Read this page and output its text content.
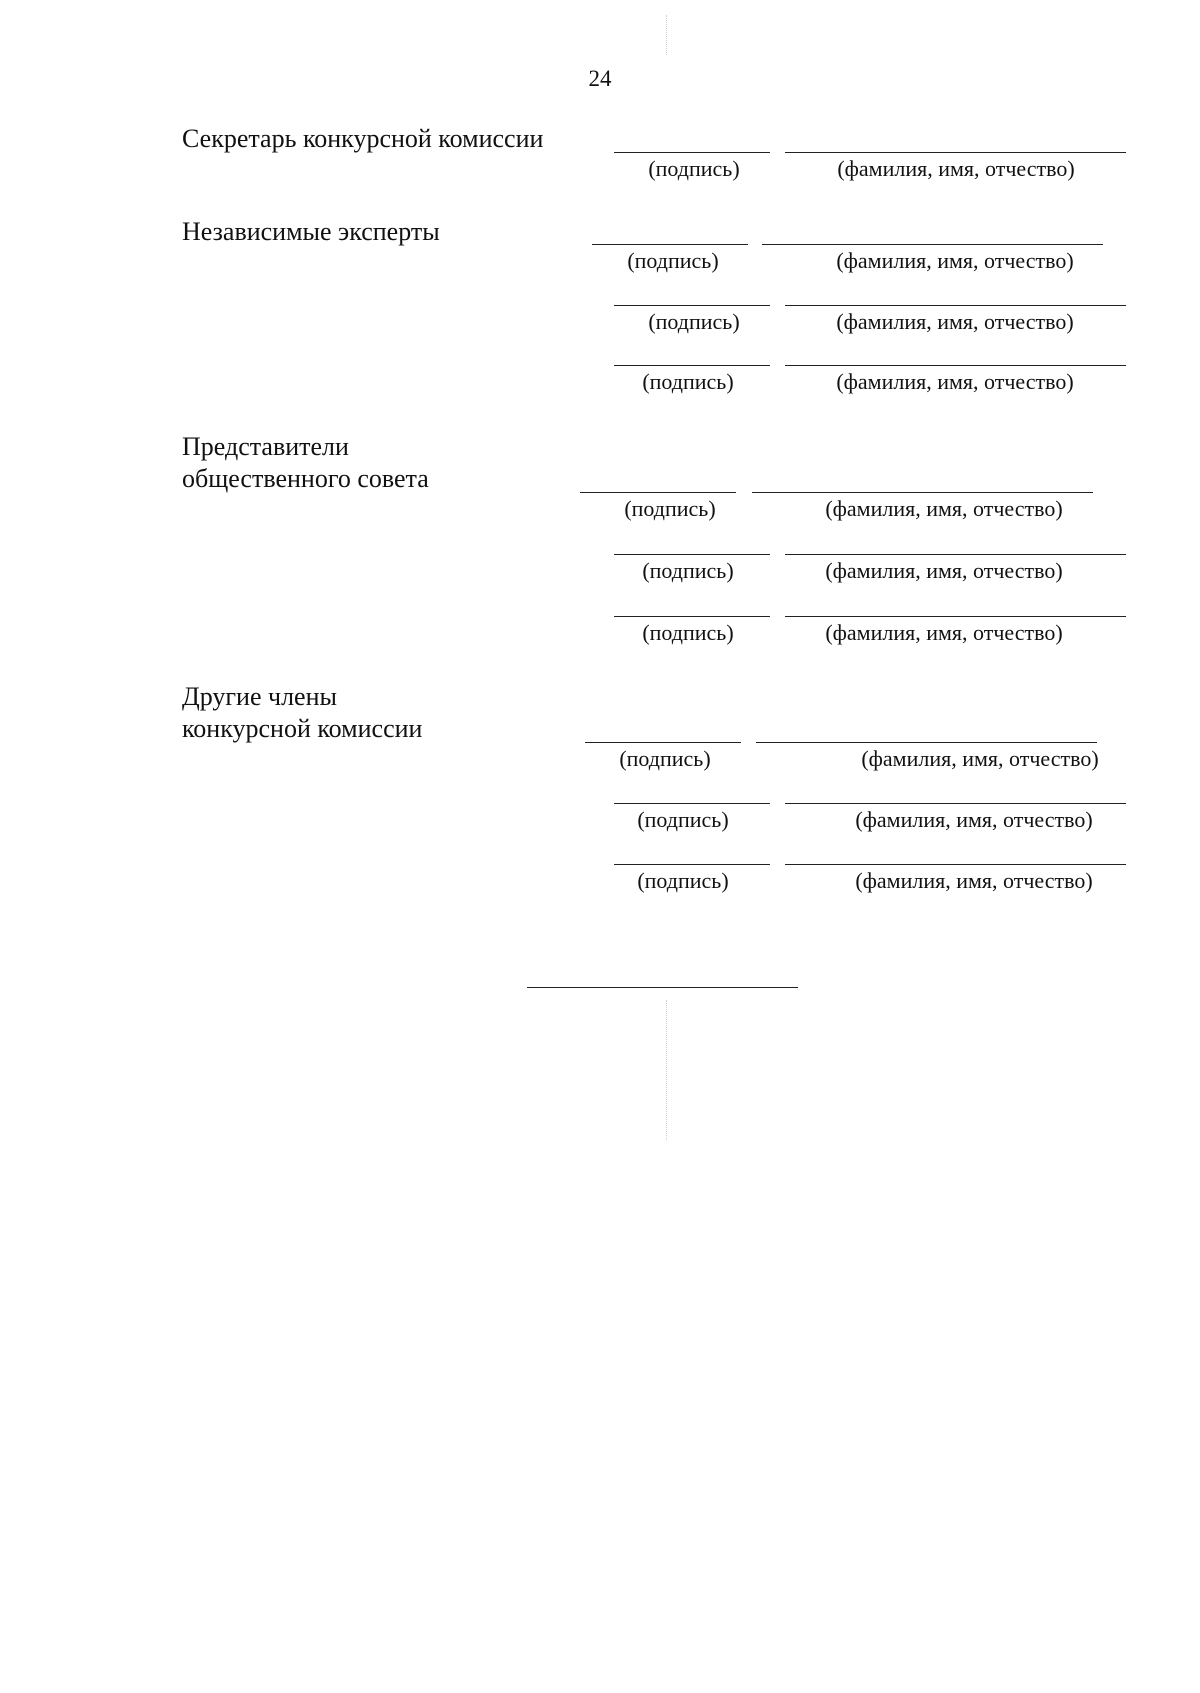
24
Секретарь конкурсной комиссии
(подпись)	(фамилия, имя, отчество)
Независимые эксперты
(подпись)	(фамилия, имя, отчество)
(подпись)	(фамилия, имя, отчество)
(подпись)	(фамилия, имя, отчество)
Представители
общественного совета
(подпись)	(фамилия, имя, отчество)
(подпись)	(фамилия, имя, отчество)
(подпись)	(фамилия, имя, отчество)
Другие члены
конкурсной комиссии
(подпись)	(фамилия, имя, отчество)
(подпись)	(фамилия, имя, отчество)
(подпись)	(фамилия, имя, отчество)
